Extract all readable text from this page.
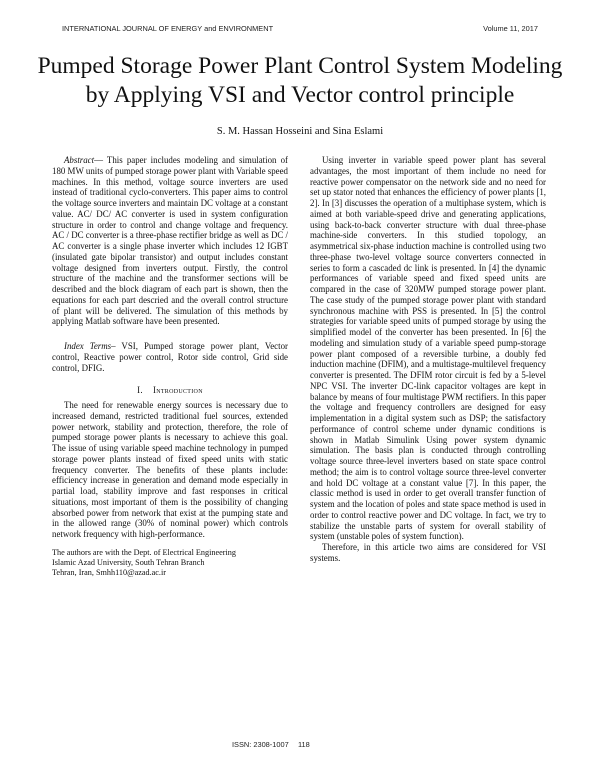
INTERNATIONAL JOURNAL OF ENERGY and ENVIRONMENT	Volume 11, 2017
Pumped Storage Power Plant Control System Modeling
by Applying VSI and Vector control principle
S. M. Hassan Hosseini and Sina Eslami

Abstract— This paper includes modeling and simulation of 180 MW units of pumped storage power plant with Variable speed machines. In this method, voltage source inverters are used instead of traditional cyclo-converters. This paper aims to control the voltage source inverters and maintain DC voltage at a constant value. AC/ DC/ AC converter is used in system configuration structure in order to control and change voltage and frequency. AC / DC converter is a three-phase rectifier bridge as well as DC / AC converter is a single phase inverter which includes 12 IGBT (insulated gate bipolar transistor) and output includes constant voltage designed from inverters output. Firstly, the control structure of the machine and the transformer sections will be described and the block diagram of each part is shown, then the equations for each part descried and the overall control structure of plant will be delivered. The simulation of this methods by applying Matlab software have been presented.

Index Terms– VSI, Pumped storage power plant, Vector control, Reactive power control, Rotor side control, Grid side control, DFIG.

I. Introduction

The need for renewable energy sources is necessary due to increased demand, restricted traditional fuel sources, extended power network, stability and protection, therefore, the role of pumped storage power plants is necessary to achieve this goal. The issue of using variable speed machine technology in pumped storage power plants instead of fixed speed units with static frequency converter. The benefits of these plants include: efficiency increase in generation and demand mode especially in partial load, stability improve and fast responses in critical situations, most important of them is the possibility of changing absorbed power from network that exist at the pumping state and in the allowed range (30% of nominal power) which controls network frequency with high-performance.

The authors are with the Dept. of Electrical Engineering
Islamic Azad University, South Tehran Branch
Tehran, Iran, Smhh110@azad.ac.ir

Using inverter in variable speed power plant has several advantages, the most important of them include no need for reactive power compensator on the network side and no need for set up stator noted that enhances the efficiency of power plants [1, 2]. In [3] discusses the operation of a multiphase system, which is aimed at both variable-speed drive and generating applications, using back-to-back converter structure with dual three-phase machine-side converters. In this studied topology, an asymmetrical six-phase induction machine is controlled using two three-phase two-level voltage source converters connected in series to form a cascaded dc link is presented. In [4] the dynamic performances of variable speed and fixed speed units are compared in the case of 320MW pumped storage power plant. The case study of the pumped storage power plant with standard synchronous machine with PSS is presented. In [5] the control strategies for variable speed units of pumped storage by using the simplified model of the converter has been presented. In [6] the modeling and simulation study of a variable speed pump-storage power plant composed of a reversible turbine, a doubly fed induction machine (DFIM), and a multistage-multilevel frequency converter is presented. The DFIM rotor circuit is fed by a 5-level NPC VSI. The inverter DC-link capacitor voltages are kept in balance by means of four multistage PWM rectifiers. In this paper the voltage and frequency controllers are designed for easy implementation in a digital system such as DSP; the satisfactory performance of control scheme under dynamic conditions is shown in Matlab Simulink Using power system dynamic simulation. The basis plan is conducted through controlling voltage source three-level inverters based on state space control method; the aim is to control voltage source three-level converter and hold DC voltage at a constant value [7]. In this paper, the classic method is used in order to get overall transfer function of system and the location of poles and state space method is used in order to control reactive power and DC voltage. In fact, we try to stabilize the unstable parts of system for overall stability of system (unstable poles of system function).

Therefore, in this article two aims are considered for VSI systems.

ISSN: 2308-1007 118
